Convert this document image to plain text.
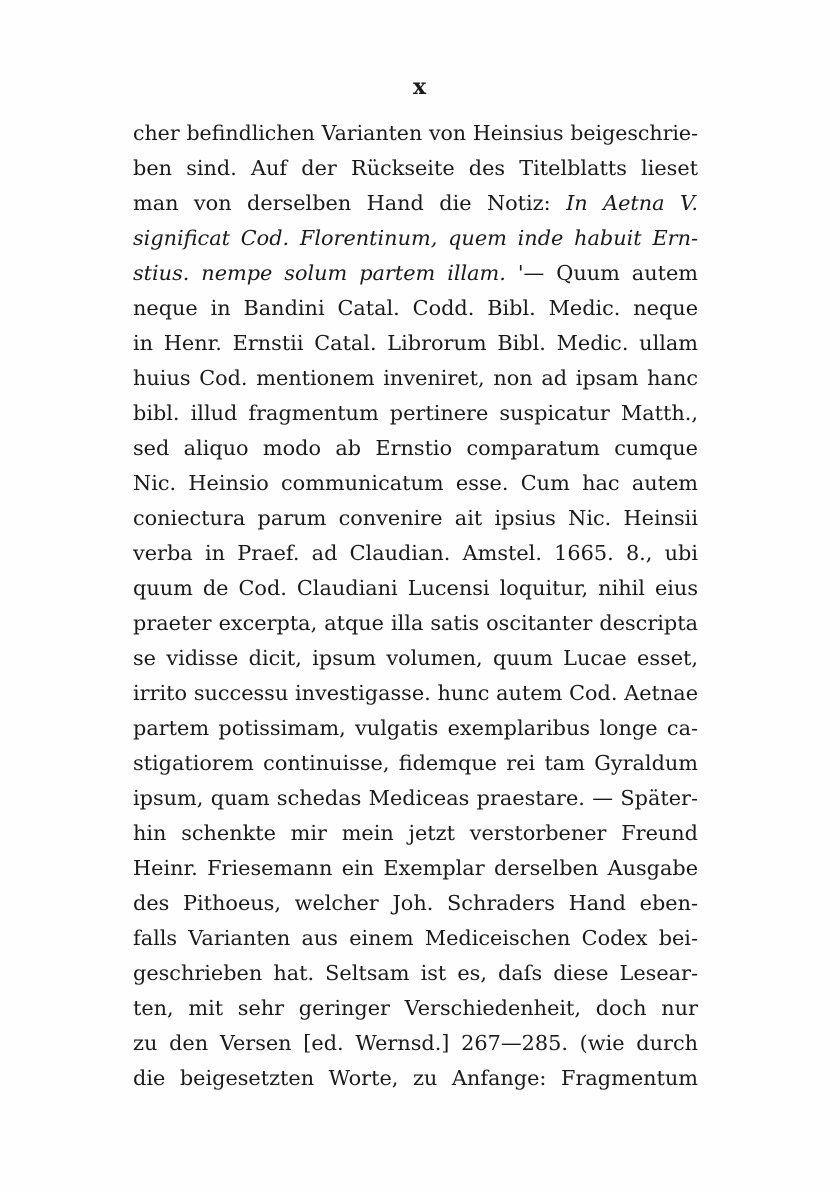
x
cher befindlichen Varianten von Heinsius beigeschrie-
ben sind. Auf der Rückseite des Titelblatts lieset
man von derselben Hand die Notiz: In Aetna V.
significat Cod. Florentinum, quem inde habuit Ern-
stius. nempe solum partem illam. '— Quum autem
neque in Bandini Catal. Codd. Bibl. Medic. neque
in Henr. Ernstii Catal. Librorum Bibl. Medic. ullam
huius Cod. mentionem inveniret, non ad ipsam hanc
bibl. illud fragmentum pertinere suspicatur Matth.,
sed aliquo modo ab Ernstio comparatum cumque
Nic. Heinsio communicatum esse. Cum hac autem
coniectura parum convenire ait ipsius Nic. Heinsii
verba in Praef. ad Claudian. Amstel. 1665. 8., ubi
quum de Cod. Claudiani Lucensi loquitur, nihil eius
praeter excerpta, atque illa satis oscitanter descripta
se vidisse dicit, ipsum volumen, quum Lucae esset,
irrito successu investigasse. hunc autem Cod. Aetnae
partem potissimam, vulgatis exemplaribus longe ca-
stigatiorem continuisse, fidemque rei tam Gyraldum
ipsum, quam schedas Mediceas praestare. — Später-
hin schenkte mir mein jetzt verstorbener Freund
Heinr. Friesemann ein Exemplar derselben Ausgabe
des Pithoeus, welcher Joh. Schraders Hand eben-
falls Varianten aus einem Mediceischen Codex bei-
geschrieben hat. Seltsam ist es, daſs diese Lesear-
ten, mit sehr geringer Verschiedenheit, doch nur
zu den Versen [ed. Wernsd.] 267—285. (wie durch
die beigesetzten Worte, zu Anfange: Fragmentum
